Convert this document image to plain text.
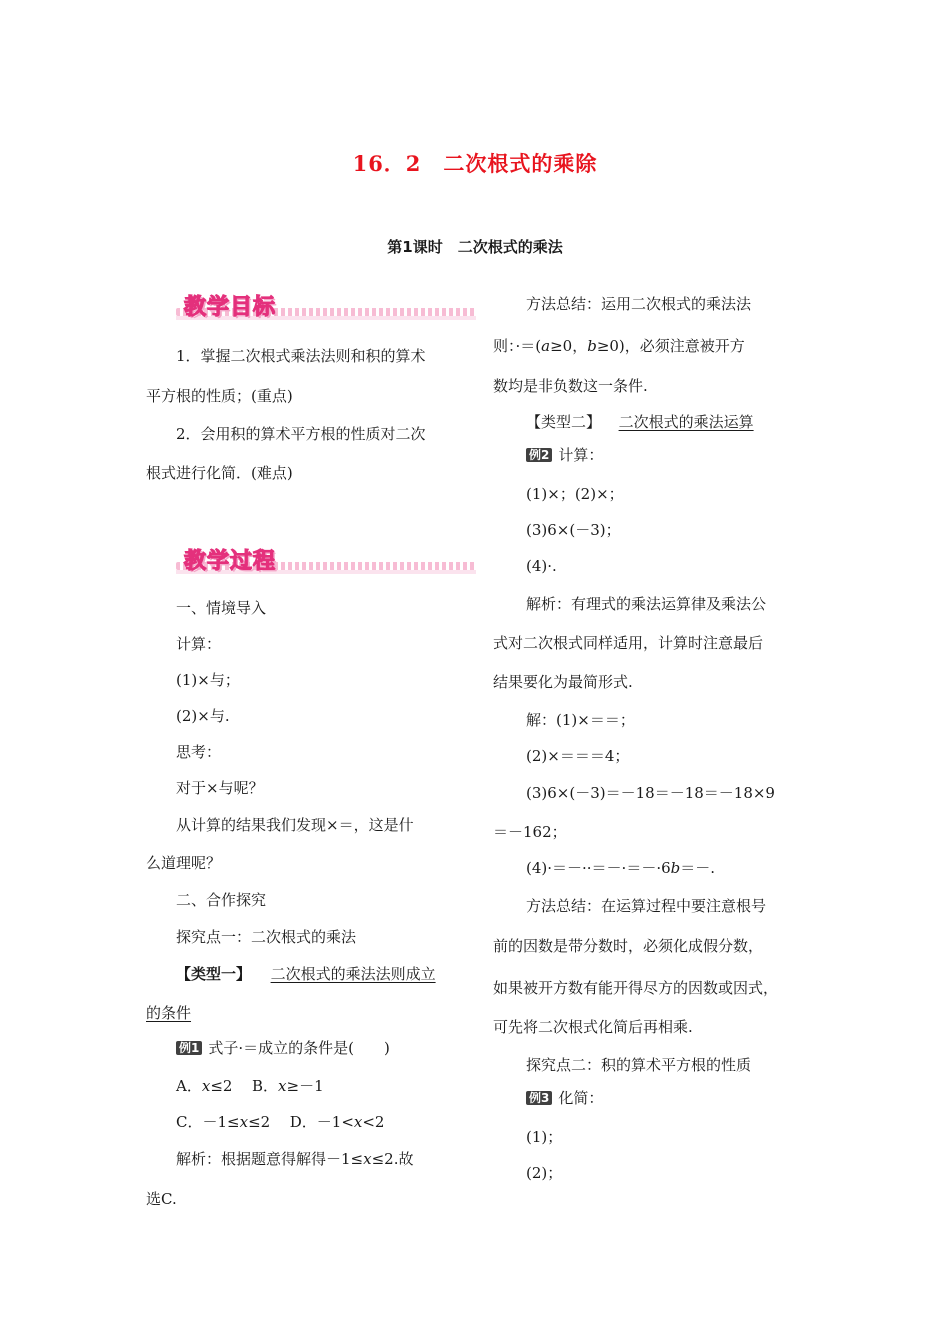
16．2　二次根式的乘除
第1课时　二次根式的乘法
教学目标
1．掌握二次根式乘法法则和积的算术
平方根的性质；(重点)
2．会用积的算术平方根的性质对二次
根式进行化简．(难点)
教学过程
一、情境导入
计算：
(1)×与；
(2)×与.
思考：
对于×与呢？
从计算的结果我们发现×＝，这是什
么道理呢？
二、合作探究
探究点一：二次根式的乘法
【类型一】 二次根式的乘法法则成立
的条件
例1 式子·＝成立的条件是(　　)
A．x≤2 B．x≥－1
C．－1≤x≤2 D．－1<x<2
解析：根据题意得解得－1≤x≤2.故
选C.
方法总结：运用二次根式的乘法法
则：·＝(a≥0，b≥0)，必须注意被开方
数均是非负数这一条件.
【类型二】 二次根式的乘法运算
例2 计算：
(1)×；(2)×；
(3)6×(－3)；
(4)·.
解析：有理式的乘法运算律及乘法公
式对二次根式同样适用，计算时注意最后
结果要化为最简形式.
解：(1)×＝＝；
(2)×＝＝＝4；
(3)6×(－3)＝－18＝－18＝－18×9
＝－162；
(4)·＝－··＝－·＝－·6b＝－.
方法总结：在运算过程中要注意根号
前的因数是带分数时，必须化成假分数，
如果被开方数有能开得尽方的因数或因式，
可先将二次根式化简后再相乘.
探究点二：积的算术平方根的性质
例3 化简：
(1)；
(2)；
